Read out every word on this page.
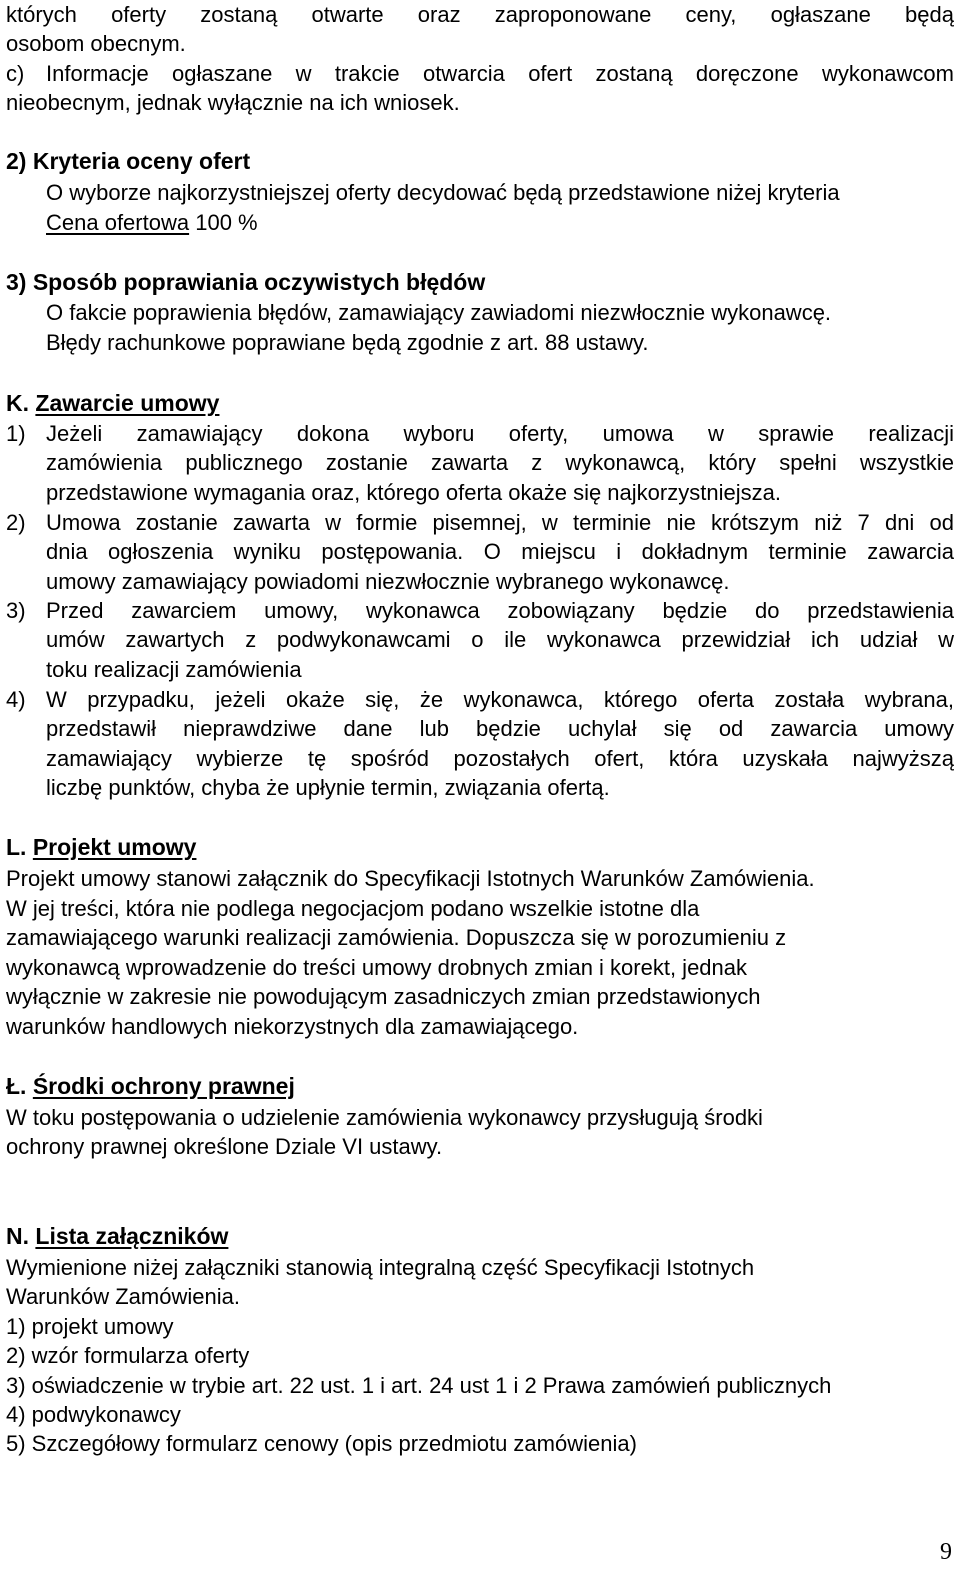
których oferty zostaną otwarte oraz zaproponowane ceny, ogłaszane będą
osobom obecnym.
c) Informacje ogłaszane w trakcie otwarcia ofert zostaną doręczone wykonawcom
nieobecnym, jednak wyłącznie na ich wniosek.
2) Kryteria oceny ofert
O wyborze najkorzystniejszej oferty decydować będą przedstawione niżej kryteria
Cena ofertowa 100 %
3) Sposób poprawiania oczywistych błędów
O fakcie poprawienia błędów, zamawiający zawiadomi niezwłocznie wykonawcę.
Błędy rachunkowe poprawiane będą zgodnie z art. 88 ustawy.
K. Zawarcie umowy
1) Jeżeli zamawiający dokona wyboru oferty, umowa w sprawie realizacji
zamówienia publicznego zostanie zawarta z wykonawcą, który spełni wszystkie
przedstawione wymagania oraz, którego oferta okaże się najkorzystniejsza.
2) Umowa zostanie zawarta w formie pisemnej, w terminie nie krótszym niż 7 dni od
dnia ogłoszenia wyniku postępowania. O miejscu i dokładnym terminie zawarcia
umowy zamawiający powiadomi niezwłocznie wybranego wykonawcę.
3) Przed zawarciem umowy, wykonawca zobowiązany będzie do przedstawienia
umów zawartych z podwykonawcami o ile wykonawca przewidział ich udział w
toku realizacji zamówienia
4) W przypadku, jeżeli okaże się, że wykonawca, którego oferta została wybrana,
przedstawił nieprawdziwe dane lub będzie uchylał się od zawarcia umowy
zamawiający wybierze tę spośród pozostałych ofert, która uzyskała najwyższą
liczbę punktów, chyba że upłynie termin, związania ofertą.
L. Projekt umowy
Projekt umowy stanowi załącznik do Specyfikacji Istotnych Warunków Zamówienia.
W jej treści, która nie podlega negocjacjom podano wszelkie istotne dla
zamawiającego warunki realizacji zamówienia. Dopuszcza się w porozumieniu z
wykonawcą wprowadzenie do treści umowy drobnych zmian i korekt, jednak
wyłącznie w zakresie nie powodującym zasadniczych zmian przedstawionych
warunków handlowych niekorzystnych dla zamawiającego.
Ł. Środki ochrony prawnej
W toku postępowania o udzielenie zamówienia wykonawcy przysługują środki
ochrony prawnej określone Dziale VI ustawy.
N. Lista załączników
Wymienione niżej załączniki stanowią integralną część Specyfikacji Istotnych
Warunków Zamówienia.
1) projekt umowy
2) wzór formularza oferty
3) oświadczenie w trybie art. 22 ust. 1 i art. 24 ust 1 i 2 Prawa zamówień publicznych
4) podwykonawcy
5) Szczegółowy formularz cenowy (opis przedmiotu zamówienia)
9
